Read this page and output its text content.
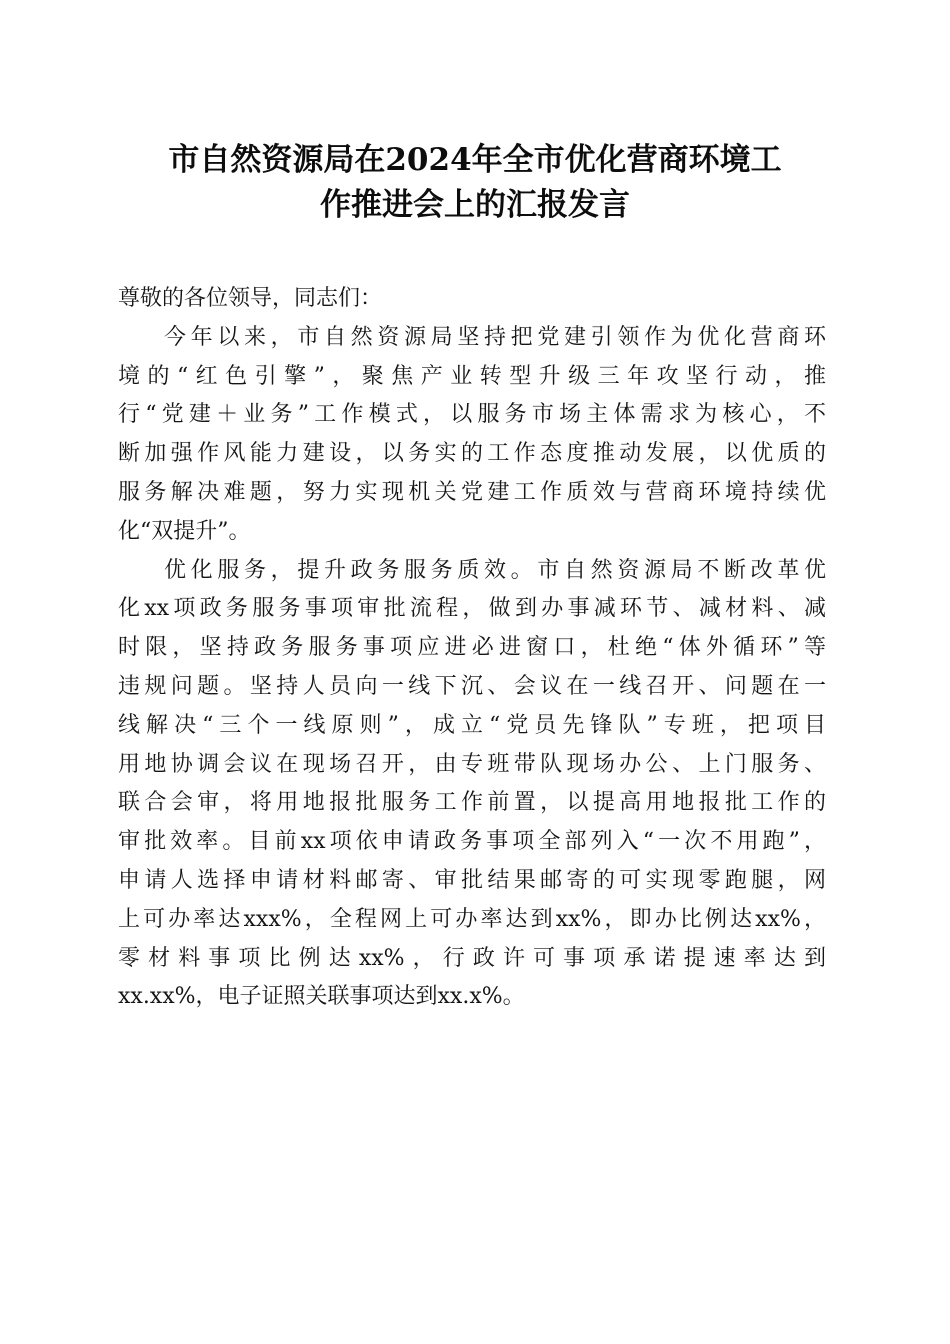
市自然资源局在2024年全市优化营商环境工
作推进会上的汇报发言

尊敬的各位领导，同志们：

今年以来，市自然资源局坚持把党建引领作为优化营商环
境的“红色引擎”，聚焦产业转型升级三年攻坚行动，推
行“党建＋业务”工作模式，以服务市场主体需求为核心，不
断加强作风能力建设，以务实的工作态度推动发展，以优质的
服务解决难题，努力实现机关党建工作质效与营商环境持续优
化“双提升”。

优化服务，提升政务服务质效。市自然资源局不断改革优
化xx项政务服务事项审批流程，做到办事减环节、减材料、减
时限，坚持政务服务事项应进必进窗口，杜绝“体外循环”等
违规问题。坚持人员向一线下沉、会议在一线召开、问题在一
线解决“三个一线原则”，成立“党员先锋队”专班，把项目
用地协调会议在现场召开，由专班带队现场办公、上门服务、
联合会审，将用地报批服务工作前置，以提高用地报批工作的
审批效率。目前xx项依申请政务事项全部列入“一次不用跑”，
申请人选择申请材料邮寄、审批结果邮寄的可实现零跑腿，网
上可办率达xxx%，全程网上可办率达到xx%，即办比例达xx%，
零材料事项比例达xx%，行政许可事项承诺提速率达到
xx.xx%，电子证照关联事项达到xx.x%。
